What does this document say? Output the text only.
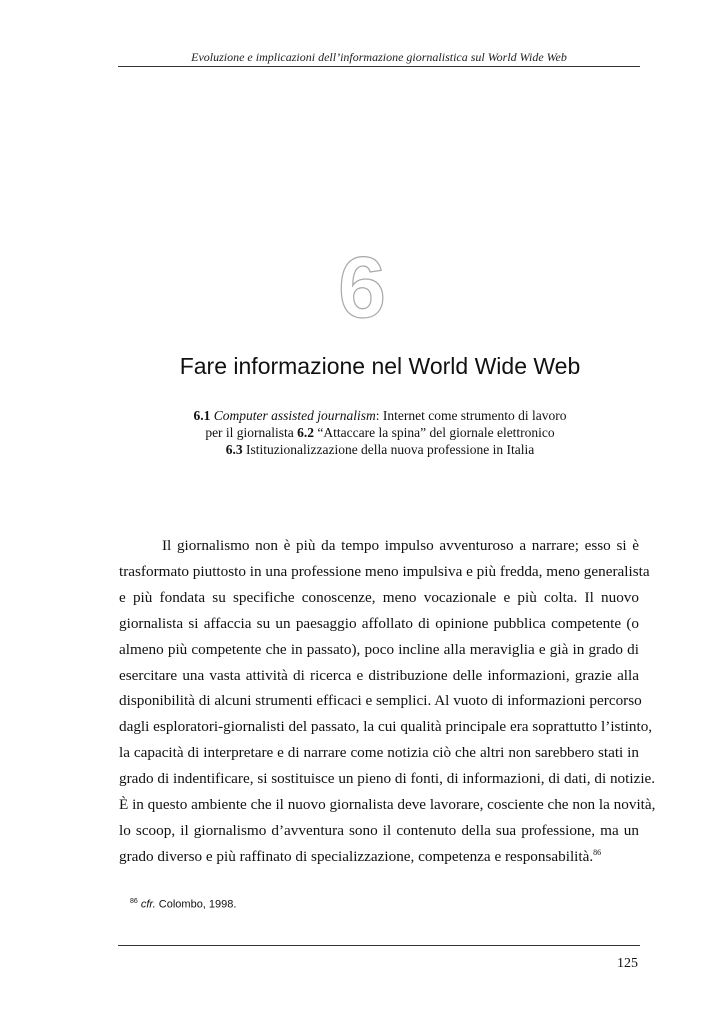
Evoluzione e implicazioni dell’informazione giornalistica sul World Wide Web
6
Fare informazione nel World Wide Web
6.1 Computer assisted journalism: Internet come strumento di lavoro
per il giornalista 6.2 “Attaccare la spina” del giornale elettronico
6.3 Istituzionalizzazione della nuova professione in Italia
Il giornalismo non è più da tempo impulso avventuroso a narrare; esso si è
trasformato piuttosto in una professione meno impulsiva e più fredda, meno generalista
e più fondata su specifiche conoscenze, meno vocazionale e più colta. Il nuovo
giornalista si affaccia su un paesaggio affollato di opinione pubblica competente (o
almeno più competente che in passato), poco incline alla meraviglia e già in grado di
esercitare una vasta attività di ricerca e distribuzione delle informazioni, grazie alla
disponibilità di alcuni strumenti efficaci e semplici. Al vuoto di informazioni percorso
dagli esploratori-giornalisti del passato, la cui qualità principale era soprattutto l’istinto,
la capacità di interpretare e di narrare come notizia ciò che altri non sarebbero stati in
grado di indentificare, si sostituisce un pieno di fonti, di informazioni, di dati, di notizie.
È in questo ambiente che il nuovo giornalista deve lavorare, cosciente che non la novità,
lo scoop, il giornalismo d’avventura sono il contenuto della sua professione, ma un
grado diverso e più raffinato di specializzazione, competenza e responsabilità.$^{86}$
$^{86}$ cfr. Colombo, 1998.
125
